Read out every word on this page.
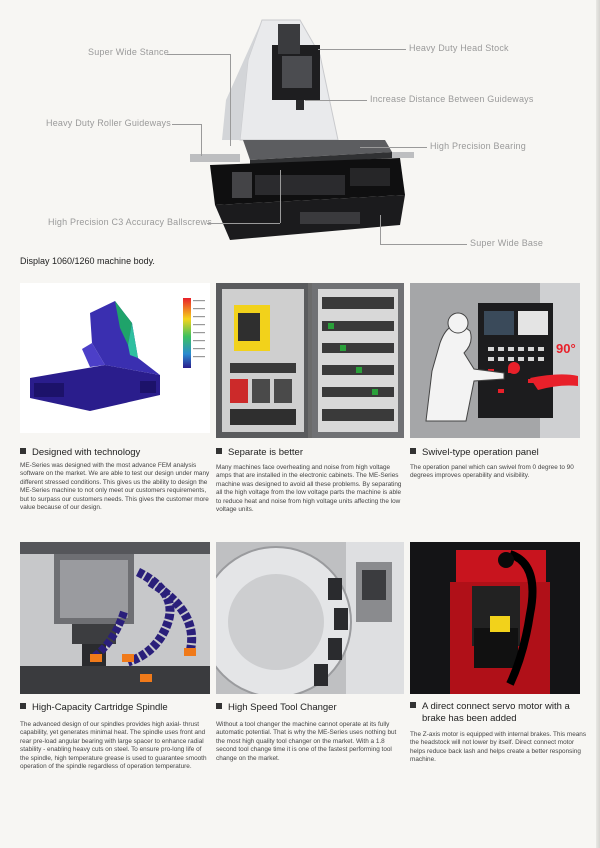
Super Wide Stance	Heavy Duty Head Stock
Increase Distance Between Guideways
Heavy Duty Roller Guideways
High Precision Bearing
High Precision C3 Accuracy Ballscrews
Super Wide Base
Display 1060/1260 machine body.
90°
Designed with technology
ME-Series was designed with the most advance FEM analysis software on the market. We are able to test our design under many different stressed conditions. This gives us the ability to design the ME-Series machine to not only meet our customers requirements, but to surpass our customers needs. This gives the customer more value because of our design.
Separate is better
Many machines face overheating and noise from high voltage amps that are installed in the electronic cabinets. The ME-Series machine was designed to avoid all these problems. By separating all the high voltage from the low voltage parts the machine is able to reduce heat and noise from high voltage units affecting the low voltage units.
Swivel-type operation panel
The operation panel which can swivel from 0 degree to 90 degrees improves operability and visibility.
High-Capacity Cartridge Spindle
The advanced design of our spindles provides high axial- thrust capability, yet generates minimal heat. The spindle uses front and rear pre-load angular bearing with large spacer to enhance radial stability - enabling heavy cuts on steel. To ensure pro-long life of the spindle, high temperature grease is used to guarantee smooth operation of the spindle regardless of operation temperature.
High Speed Tool Changer
Without a tool changer the machine cannot operate at its fully automatic potential. That is why the ME-Series uses nothing but the most high quality tool changer on the market. With a 1.8 second tool change time it is one of the fastest performing tool change on the market.
A direct connect servo motor with a
brake has been added
The Z-axis motor is equipped with internal brakes. This means the headstock will not lower by itself. Direct connect motor helps reduce back lash and helps create a better responsing machine.
